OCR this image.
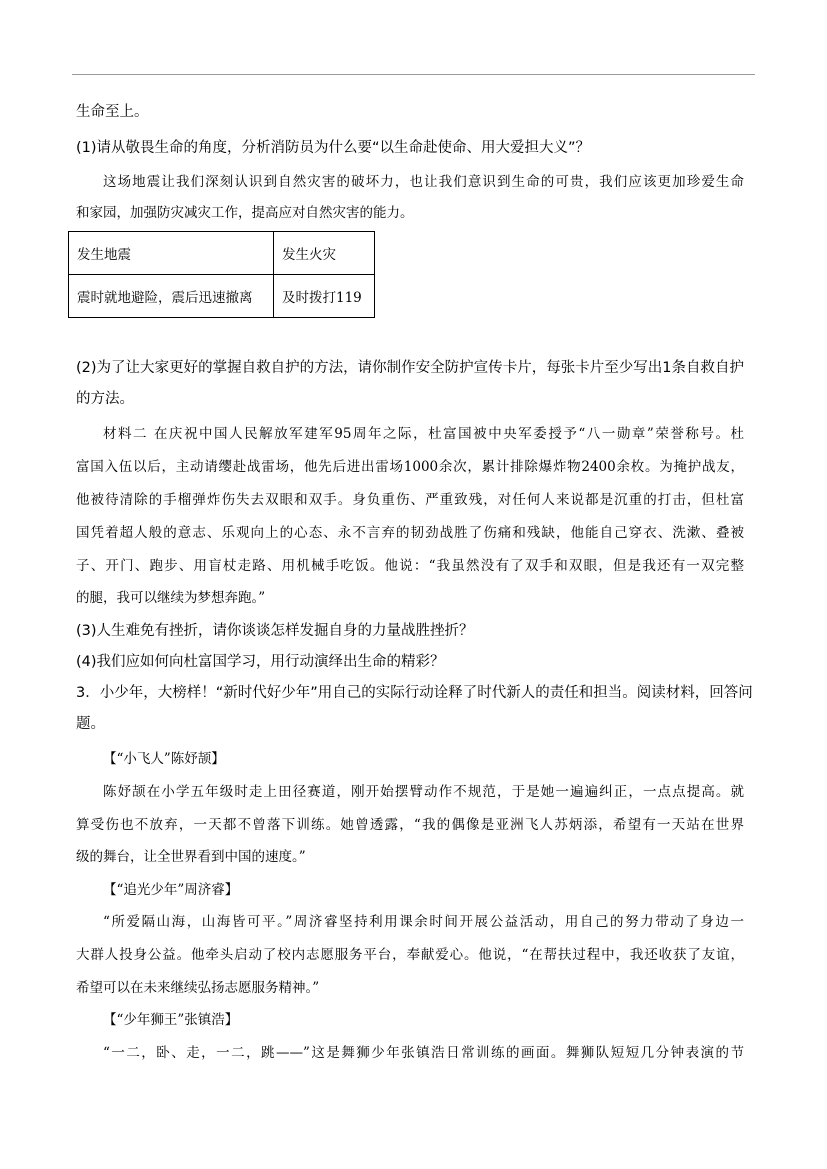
生命至上。
(1)请从敬畏生命的角度，分析消防员为什么要“以生命赴使命、用大爱担大义”？
这场地震让我们深刻认识到自然灾害的破坏力，也让我们意识到生命的可贵，我们应该更加珍爱生命
和家园，加强防灾减灾工作，提高应对自然灾害的能力。
发生地震	发生火灾
震时就地避险，震后迅速撤离	及时拨打119
(2)为了让大家更好的掌握自救自护的方法，请你制作安全防护宣传卡片，每张卡片至少写出1条自救自护
的方法。
材料二 在庆祝中国人民解放军建军95周年之际，杜富国被中央军委授予“八一勋章”荣誉称号。杜
富国入伍以后，主动请缨赴战雷场，他先后进出雷场1000余次，累计排除爆炸物2400余枚。为掩护战友，
他被待清除的手榴弹炸伤失去双眼和双手。身负重伤、严重致残，对任何人来说都是沉重的打击，但杜富
国凭着超人般的意志、乐观向上的心态、永不言弃的韧劲战胜了伤痛和残缺，他能自己穿衣、洗漱、叠被
子、开门、跑步、用盲杖走路、用机械手吃饭。他说：“我虽然没有了双手和双眼，但是我还有一双完整
的腿，我可以继续为梦想奔跑。”
(3)人生难免有挫折，请你谈谈怎样发掘自身的力量战胜挫折？
(4)我们应如何向杜富国学习，用行动演绎出生命的精彩？
3．小少年，大榜样！“新时代好少年”用自己的实际行动诠释了时代新人的责任和担当。阅读材料，回答问
题。
【“小飞人”陈妤颉】
陈妤颉在小学五年级时走上田径赛道，刚开始摆臂动作不规范，于是她一遍遍纠正，一点点提高。就
算受伤也不放弃，一天都不曾落下训练。她曾透露，“我的偶像是亚洲飞人苏炳添，希望有一天站在世界
级的舞台，让全世界看到中国的速度。”
【“追光少年”周济睿】
“所爱隔山海，山海皆可平。”周济睿坚持利用课余时间开展公益活动，用自己的努力带动了身边一
大群人投身公益。他牵头启动了校内志愿服务平台，奉献爱心。他说，“在帮扶过程中，我还收获了友谊，
希望可以在未来继续弘扬志愿服务精神。”
【“少年狮王”张镇浩】
“一二，卧、走，一二，跳——”这是舞狮少年张镇浩日常训练的画面。舞狮队短短几分钟表演的节
